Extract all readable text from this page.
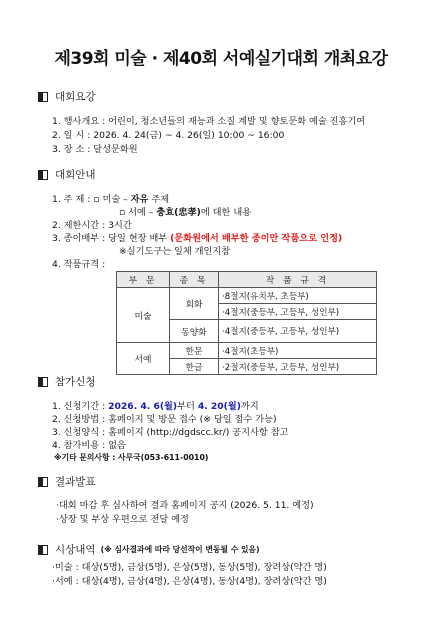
제39회 미술 · 제40회 서예실기대회 개최요강
대회요강
1. 행사개요 : 어린이, 청소년들의 재능과 소질 계발 및 향토문화 예술 진흥기여
2. 일 시 : 2026. 4. 24(금) ~ 4. 26(일) 10:00 ~ 16:00
3. 장 소 : 달성문화원
대회안내
1. 주 제 : ▫ 미술 – 자유 주제
▫ 서예 – 충효(忠孝)에 대한 내용
2. 제한시간 : 3시간
3. 종이배부 : 당일 현장 배부 (문화원에서 배부한 종이만 작품으로 인정)
※실기도구는 일체 개인지참
4. 작품규격 :
부 문	종 목	작 품 규 격
미술	회화	·8절지(유치부, 초등부)
		·4절지(중등부, 고등부, 성인부)
	동양화	·4절지(중등부, 고등부, 성인부)
서예	한문	·4절지(초등부)
	한글	·2절지(중등부, 고등부, 성인부)
참가신청
1. 신청기간 : 2026. 4. 6(월)부터 4. 20(월)까지
2. 신청방법 : 홈페이지 및 방문 접수 (※ 당일 접수 가능)
3. 신청양식 : 홈페이지 (http://dgdscc.kr/) 공지사항 참고
4. 참가비용 : 없음
※기타 문의사항 : 사무국(053-611-0010)
결과발표
·대회 마감 후 심사하여 결과 홈페이지 공지 (2026. 5. 11. 예정)
·상장 및 부상 우편으로 전달 예정
시상내역 (※ 심사결과에 따라 당선작이 변동될 수 있음)
·미술 : 대상(5명), 금상(5명), 은상(5명), 동상(5명), 장려상(약간 명)
·서예 : 대상(4명), 금상(4명), 은상(4명), 동상(4명), 장려상(약간 명)
